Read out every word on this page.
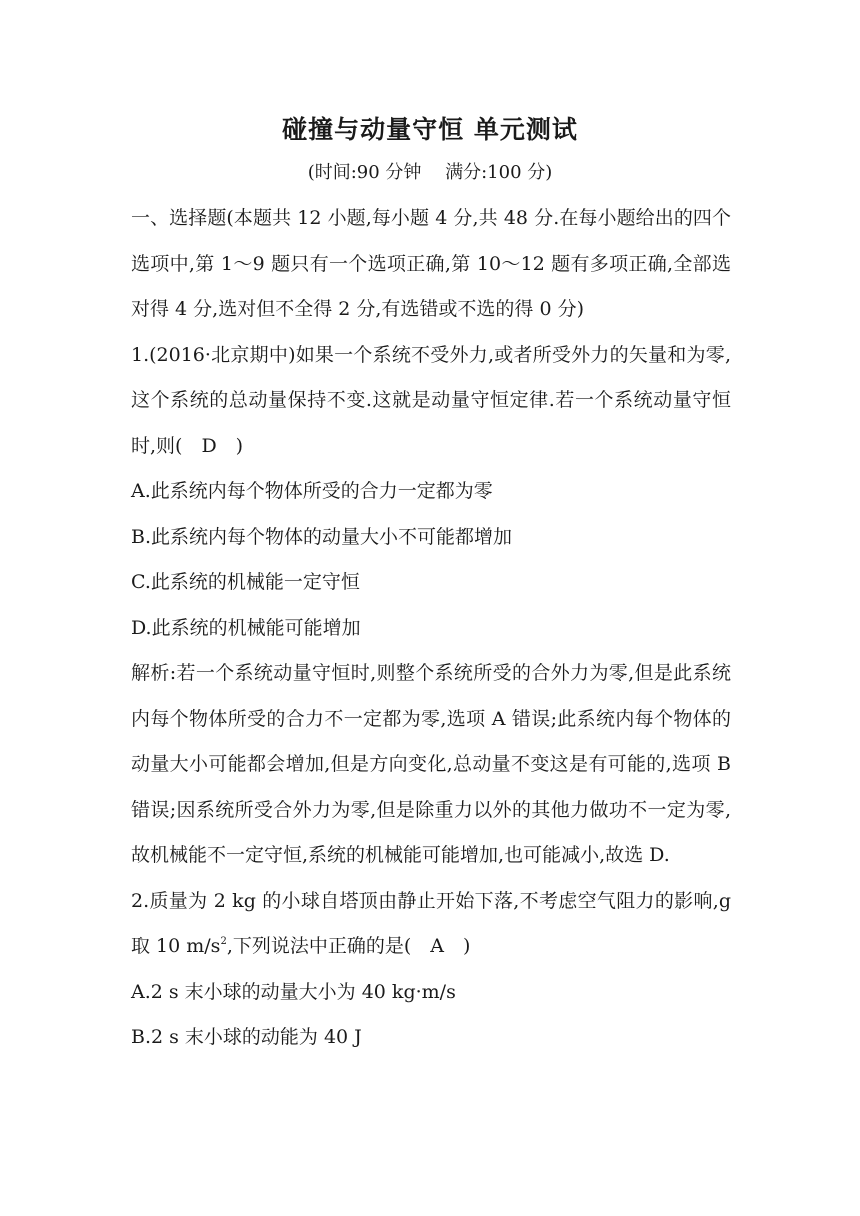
碰撞与动量守恒 单元测试
(时间:90 分钟　 满分:100 分)

一、选择题(本题共 12 小题,每小题 4 分,共 48 分.在每小题给出的四个选项中,第 1～9 题只有一个选项正确,第 10～12 题有多项正确,全部选对得 4 分,选对但不全得 2 分,有选错或不选的得 0 分)

1.(2016·北京期中)如果一个系统不受外力,或者所受外力的矢量和为零,这个系统的总动量保持不变.这就是动量守恒定律.若一个系统动量守恒时,则(　D　)

A.此系统内每个物体所受的合力一定都为零

B.此系统内每个物体的动量大小不可能都增加

C.此系统的机械能一定守恒

D.此系统的机械能可能增加

解析:若一个系统动量守恒时,则整个系统所受的合外力为零,但是此系统内每个物体所受的合力不一定都为零,选项 A 错误;此系统内每个物体的动量大小可能都会增加,但是方向变化,总动量不变这是有可能的,选项 B 错误;因系统所受合外力为零,但是除重力以外的其他力做功不一定为零,故机械能不一定守恒,系统的机械能可能增加,也可能减小,故选 D.

2.质量为 2 kg 的小球自塔顶由静止开始下落,不考虑空气阻力的影响,g 取 10 $m/s^2$,下列说法中正确的是(　A　)

A.2 s 末小球的动量大小为 40 kg·m/s

B.2 s 末小球的动能为 40 J
